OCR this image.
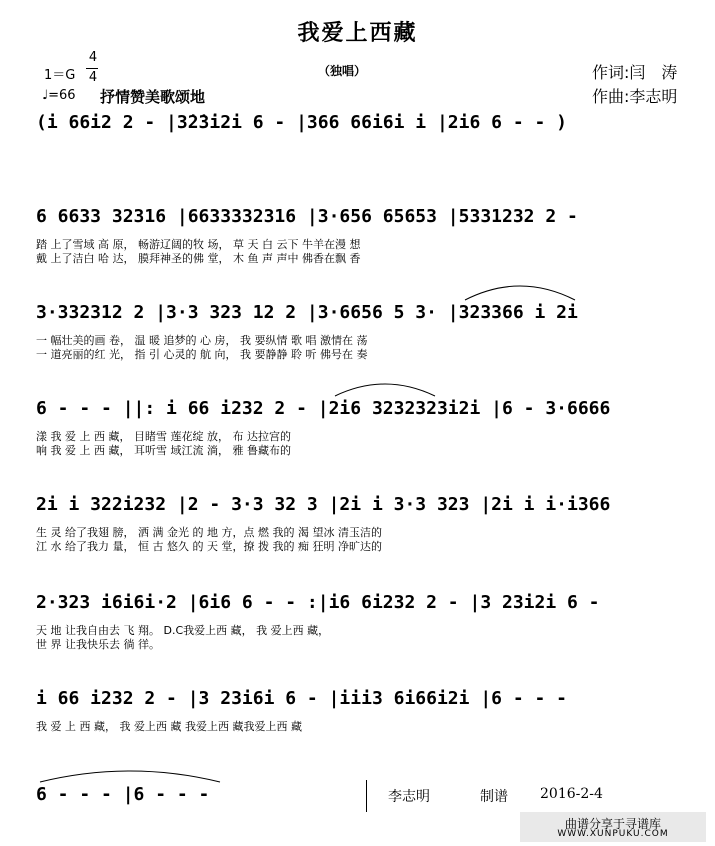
我爱上西藏
（独唱）
1＝G
4
4
♩=66 抒情赞美歌颂地
作词:闫　涛
作曲:李志明
(i 66i2 2 - |3̇2̇3̇i2i 6 - |366 66i6i i |2i6 6 - - )
6 6633 32316 |6633332316 |3·656 65653 |5331232 2 -
踏 上了雪域 高 原， 畅游辽阔的牧 场， 草 天 白 云下 牛羊在漫 想
戴 上了洁白 哈 达， 膜拜神圣的佛 堂， 木 鱼 声 声中 佛香在飘 香
3·332312 2 |3·3 323 12 2 |3·6656 5 3· |323366 i 2i
一 幅壮美的画 卷， 温 暖 追梦的 心 房， 我 要纵情 歌 唱 激情在 荡
一 道亮丽的红 光， 指 引 心灵的 航 向， 我 要静静 聆 听 佛号在 奏
6 - - - ||: i 66 i232 2 - |2i6 3232323i2i |6 - 3·6666
漾 我 爱 上 西 藏， 目睹雪 莲花绽 放， 布 达拉宫的
响 我 爱 上 西 藏， 耳听雪 域江流 淌， 雅 鲁藏布的
2i i 322i232 |2 - 3·3 32 3 |2i i 3·3 323 |2i i i·i366
生 灵 给了我翅 膀， 洒 满 金光 的 地 方，点 燃 我的 渴 望冰 清玉洁的
江 水 给了我力 量， 恒 古 悠久 的 天 堂，撩 拨 我的 痴 狂明 净旷达的
2·323 i6i6i·2 |6i6 6 - - :|i6 6i232 2 - |3 23i2i 6 -
天 地 让我自由去 飞 翔。 D.C我爱上西 藏， 我 爱上西 藏，
世 界 让我快乐去 徜 徉。
i 66 i232 2 - |3 23i6i 6 - |iii3 6i66i2i |6 - - -
我 爱 上 西 藏， 我 爱上西 藏 我爱上西 藏我爱上西 藏
6 - - - |6 - - -	李志明	制谱 2016-2-4
曲谱分享于寻谱库
WWW.XUNPUKU.COM
